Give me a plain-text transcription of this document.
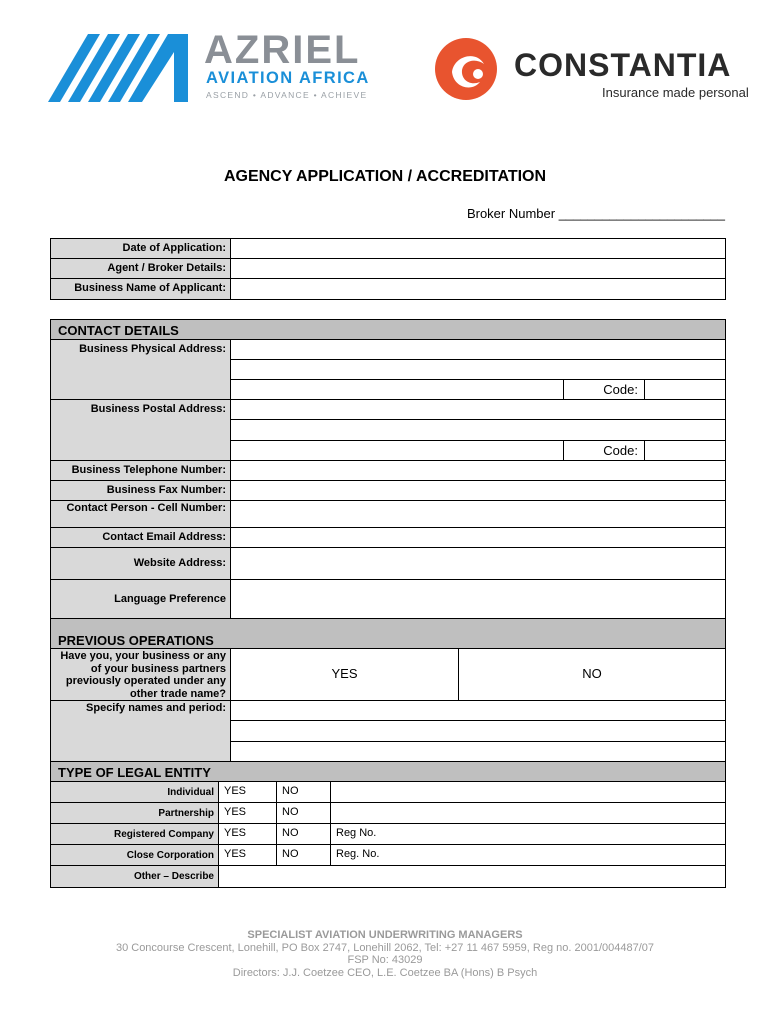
AZRIEL
AVIATION AFRICA
ASCEND • ADVANCE • ACHIEVE
CONSTANTIA
Insurance made personal
AGENCY APPLICATION / ACCREDITATION
Broker Number _______________________
Date of Application:
Agent / Broker Details:
Business Name of Applicant:
CONTACT DETAILS
Business Physical Address:
Code:
Business Postal Address:
Code:
Business Telephone Number:
Business Fax Number:
Contact Person - Cell Number:
Contact Email Address:
Website Address:
Language Preference
PREVIOUS OPERATIONS
Have you, your business or any of your business partners previously operated under any other trade name?
YES	NO
Specify names and period:
TYPE OF LEGAL ENTITY
Individual YES	NO
Partnership YES	NO
Registered Company YES	NO	Reg No.
Close Corporation YES	NO	Reg. No.
Other – Describe
SPECIALIST AVIATION UNDERWRITING MANAGERS
30 Concourse Crescent, Lonehill, PO Box 2747, Lonehill 2062, Tel: +27 11 467 5959, Reg no. 2001/004487/07
FSP No: 43029
Directors: J.J. Coetzee CEO, L.E. Coetzee BA (Hons) B Psych
